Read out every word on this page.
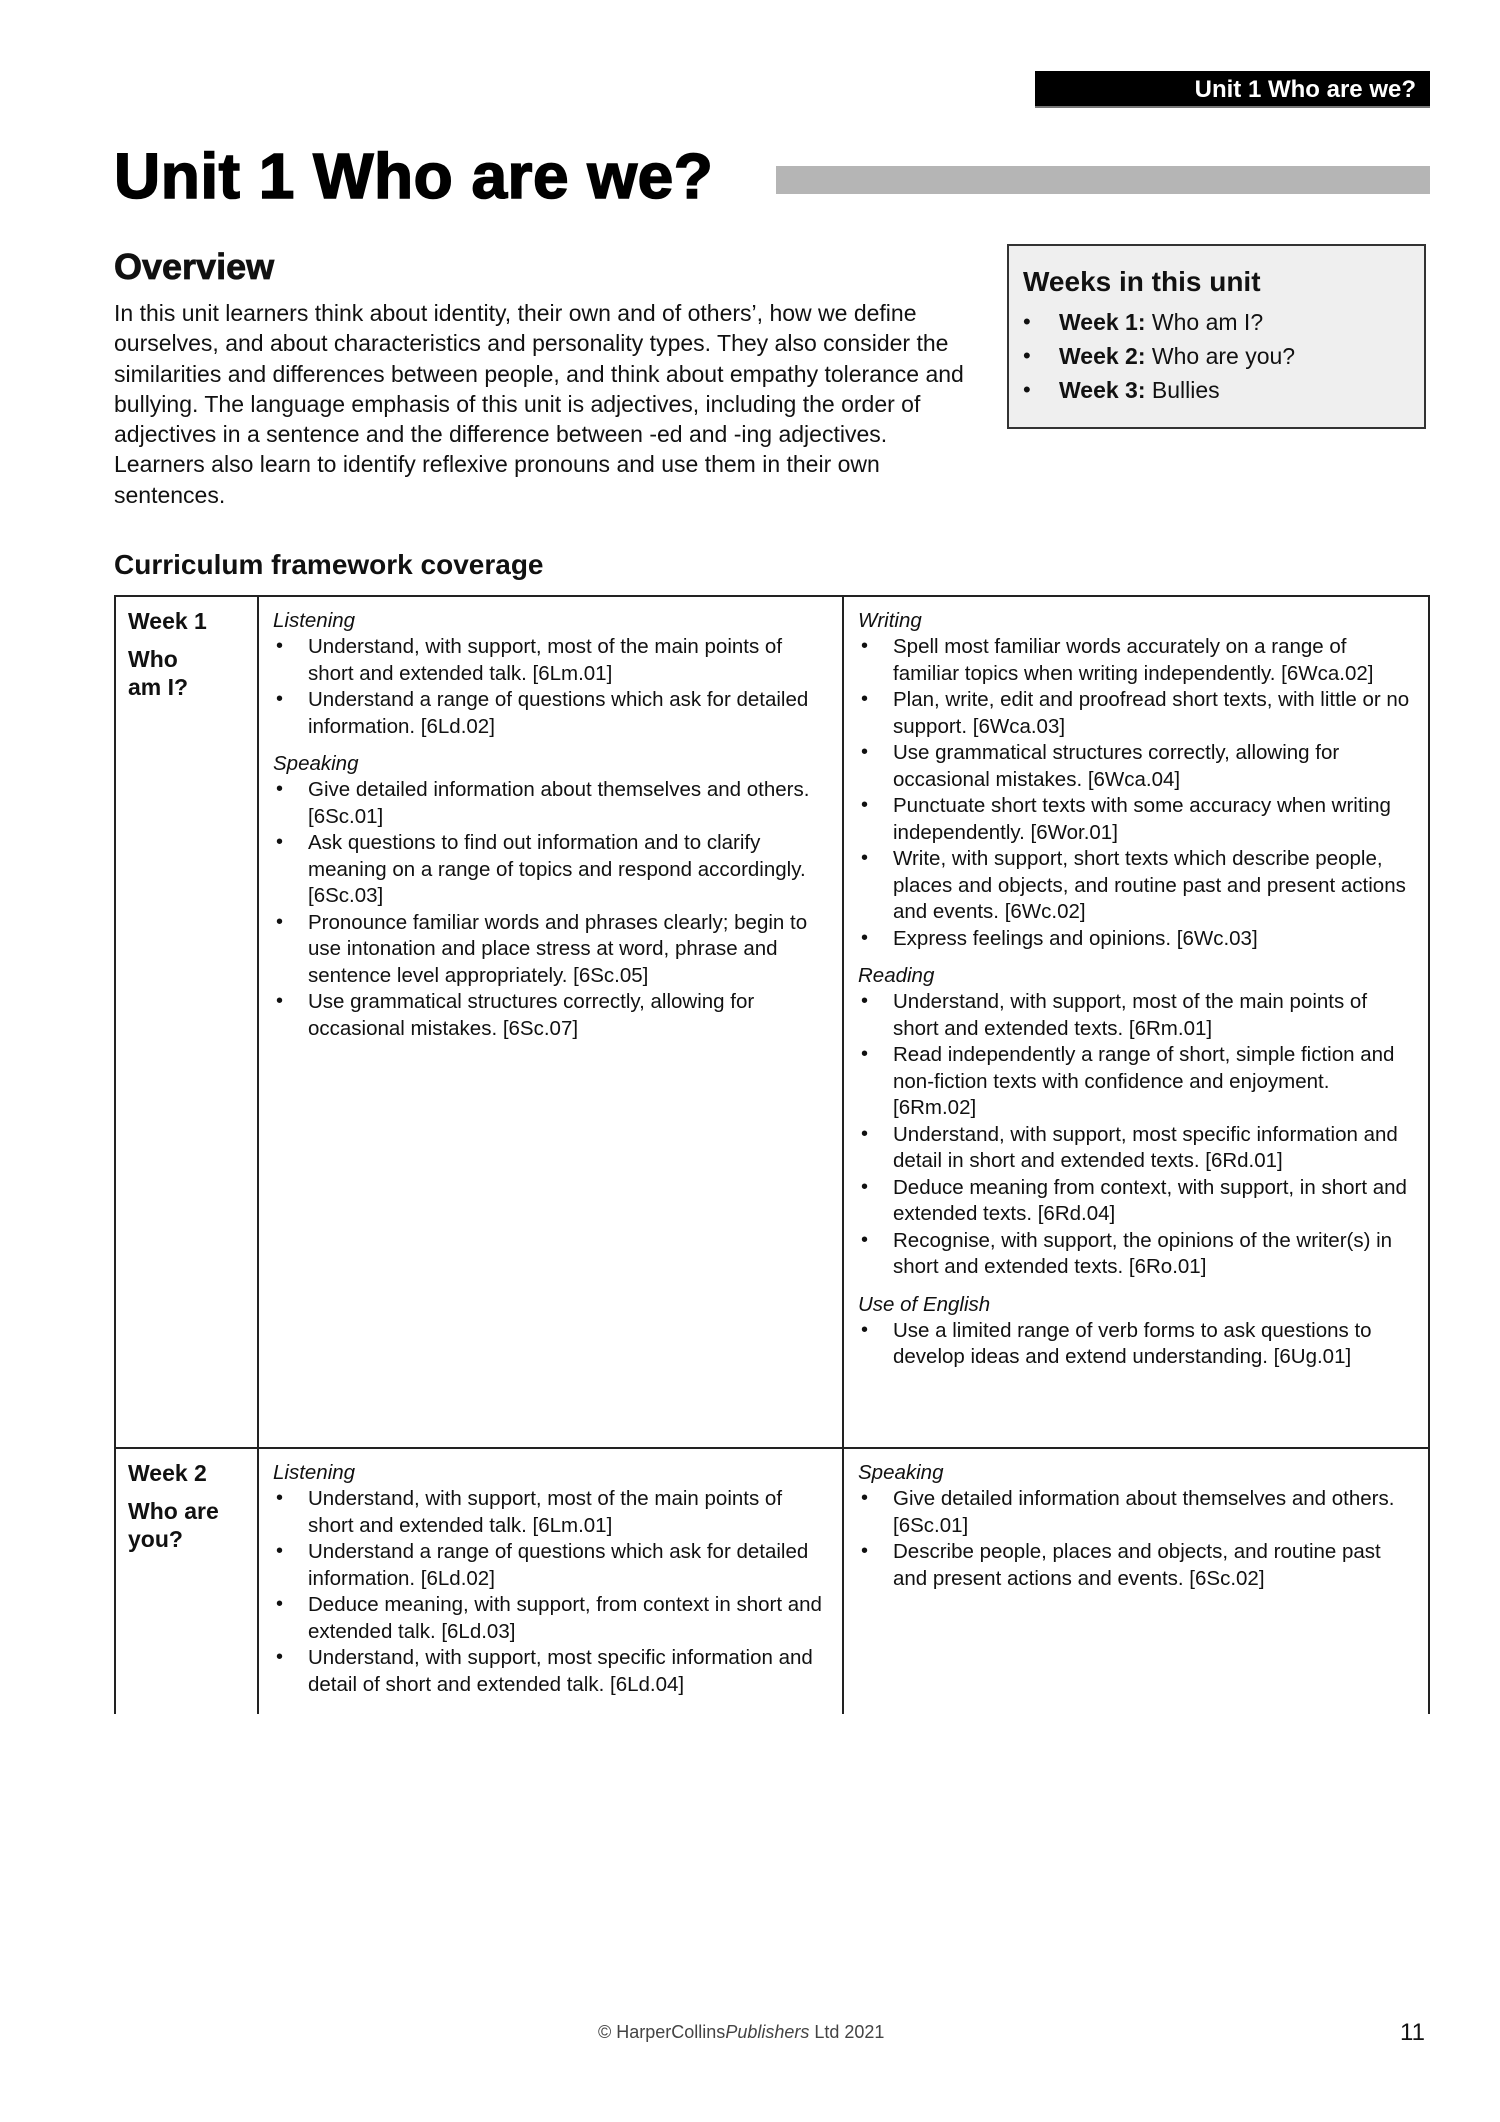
Unit 1 Who are we?
Unit 1 Who are we?
Overview

In this unit learners think about identity, their own and of others’, how we define ourselves, and about characteristics and personality types. They also consider the similarities and differences between people, and think about empathy tolerance and bullying. The language emphasis of this unit is adjectives, including the order of adjectives in a sentence and the difference between -ed and -ing adjectives. Learners also learn to identify reflexive pronouns and use them in their own sentences.

Weeks in this unit
• Week 1: Who am I?
• Week 2: Who are you?
• Week 3: Bullies
Curriculum framework coverage
Week 1
Who am I?
Listening
• Understand, with support, most of the main points of short and extended talk. [6Lm.01]
• Understand a range of questions which ask for detailed information. [6Ld.02]
Speaking
• Give detailed information about themselves and others. [6Sc.01]
• Ask questions to find out information and to clarify meaning on a range of topics and respond accordingly. [6Sc.03]
• Pronounce familiar words and phrases clearly; begin to use intonation and place stress at word, phrase and sentence level appropriately. [6Sc.05]
• Use grammatical structures correctly, allowing for occasional mistakes. [6Sc.07]
Writing
• Spell most familiar words accurately on a range of familiar topics when writing independently. [6Wca.02]
• Plan, write, edit and proofread short texts, with little or no support. [6Wca.03]
• Use grammatical structures correctly, allowing for occasional mistakes. [6Wca.04]
• Punctuate short texts with some accuracy when writing independently. [6Wor.01]
• Write, with support, short texts which describe people, places and objects, and routine past and present actions and events. [6Wc.02]
• Express feelings and opinions. [6Wc.03]
Reading
• Understand, with support, most of the main points of short and extended texts. [6Rm.01]
• Read independently a range of short, simple fiction and non-fiction texts with confidence and enjoyment. [6Rm.02]
• Understand, with support, most specific information and detail in short and extended texts. [6Rd.01]
• Deduce meaning from context, with support, in short and extended texts. [6Rd.04]
• Recognise, with support, the opinions of the writer(s) in short and extended texts. [6Ro.01]
Use of English
• Use a limited range of verb forms to ask questions to develop ideas and extend understanding. [6Ug.01]
Week 2
Who are you?
Listening
• Understand, with support, most of the main points of short and extended talk. [6Lm.01]
• Understand a range of questions which ask for detailed information. [6Ld.02]
• Deduce meaning, with support, from context in short and extended talk. [6Ld.03]
• Understand, with support, most specific information and detail of short and extended talk. [6Ld.04]
Speaking
• Give detailed information about themselves and others. [6Sc.01]
• Describe people, places and objects, and routine past and present actions and events. [6Sc.02]
© HarperCollinsPublishers Ltd 2021	11
